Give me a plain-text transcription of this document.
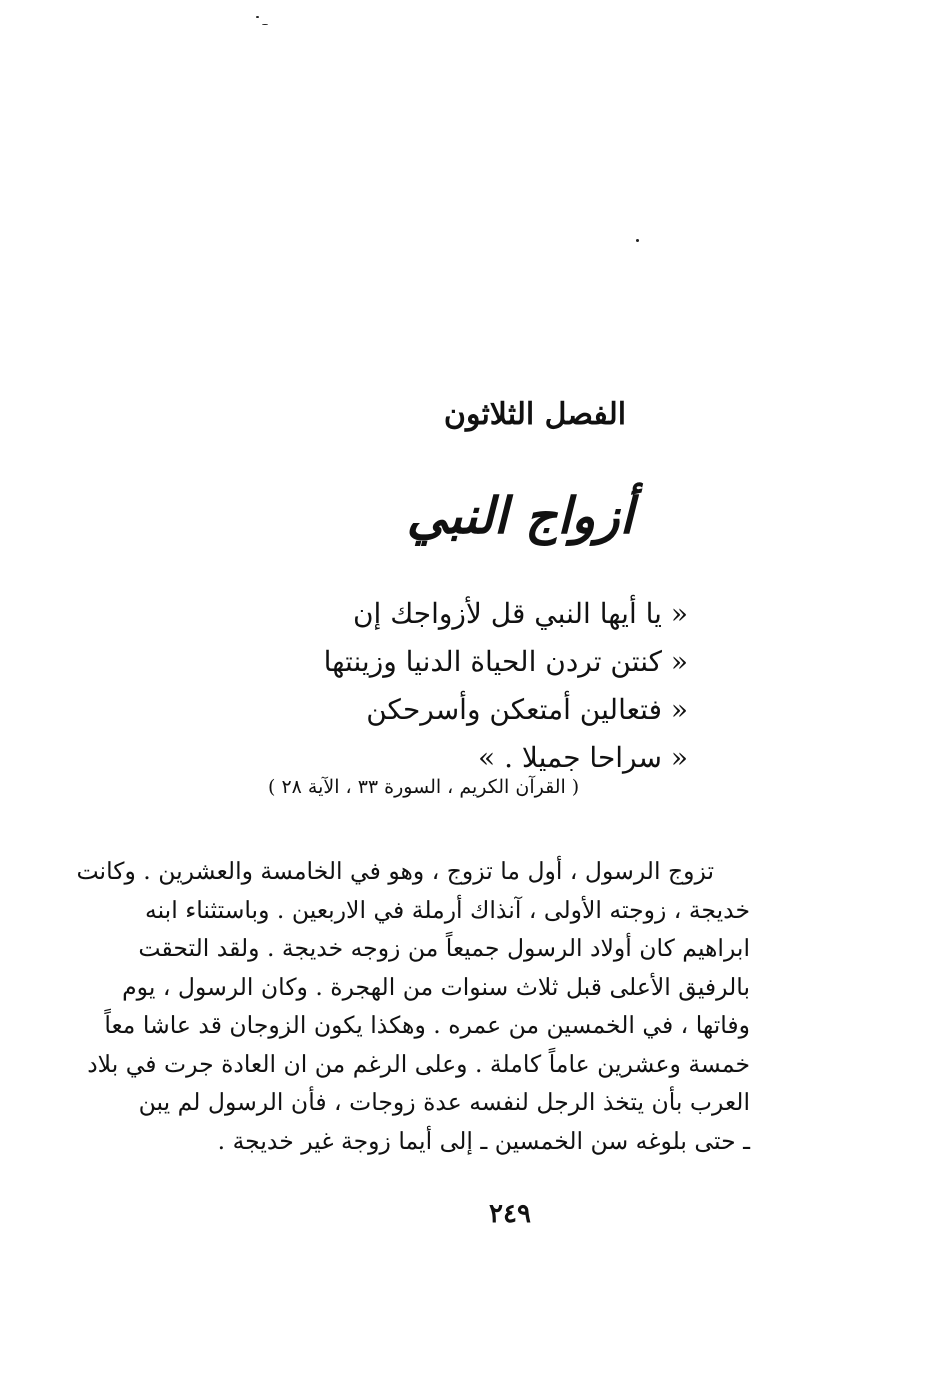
الفصل الثلاثون
أزواج النبي
« يا أيها النبي قل لأزواجك إن
« كنتن تردن الحياة الدنيا وزينتها
« فتعالين أمتعكن وأسرحكن
« سراحا جميلا . »
( القرآن الكريم ، السورة ٣٣ ، الآية ٢٨ )
تزوج الرسول ، أول ما تزوج ، وهو في الخامسة والعشرين . وكانت
خديجة ، زوجته الأولى ، آنذاك أرملة في الاربعين . وباستثناء ابنه
ابراهيم كان أولاد الرسول جميعاً من زوجه خديجة . ولقد التحقت
بالرفيق الأعلى قبل ثلاث سنوات من الهجرة . وكان الرسول ، يوم
وفاتها ، في الخمسين من عمره . وهكذا يكون الزوجان قد عاشا معاً
خمسة وعشرين عاماً كاملة . وعلى الرغم من ان العادة جرت في بلاد
العرب بأن يتخذ الرجل لنفسه عدة زوجات ، فأن الرسول لم يبن
ـ حتى بلوغه سن الخمسين ـ إلى أيما زوجة غير خديجة .
٢٤٩
